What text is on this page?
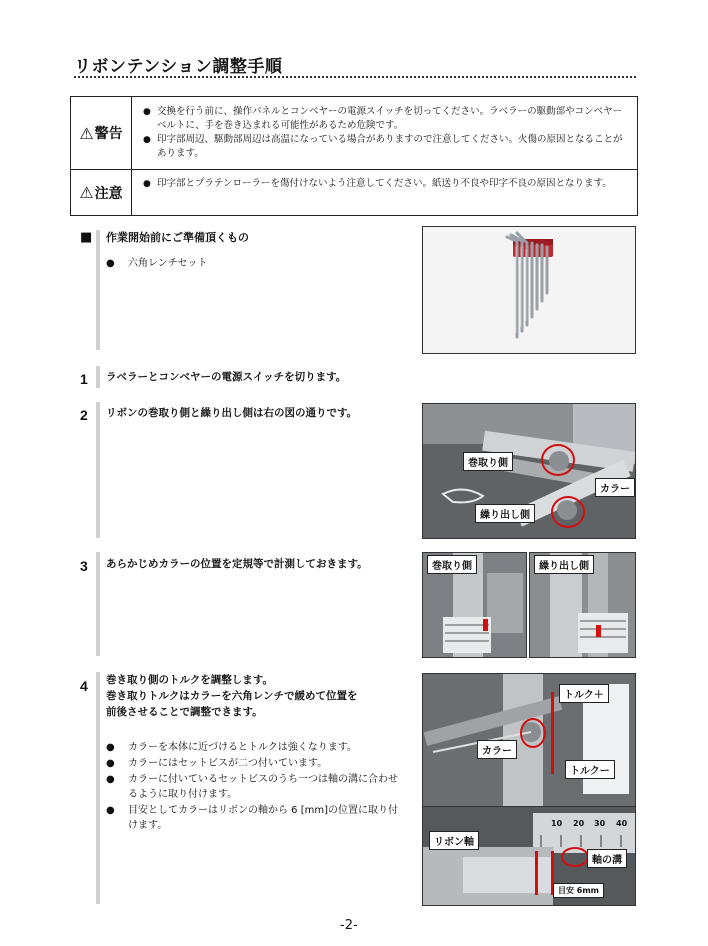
リボンテンション調整手順
⚠ 警告
● 交換を行う前に、操作パネルとコンベヤーの電源スイッチを切ってください。ラベラーの駆動部やコンベヤーベルトに、手を巻き込まれる可能性があるため危険です。
● 印字部周辺、駆動部周辺は高温になっている場合がありますので注意してください。火傷の原因となることがあります。
⚠ 注意
● 印字部とプラテンローラーを傷付けないよう注意してください。紙送り不良や印字不良の原因となります。
■ 作業開始前にご準備頂くもの
● 六角レンチセット
1 ラベラーとコンベヤーの電源スイッチを切ります。
2 リボンの巻取り側と繰り出し側は右の図の通りです。
巻取り側
カラー
繰り出し側
3 あらかじめカラーの位置を定規等で計測しておきます。	巻取り側	繰り出し側
4 巻き取り側のトルクを調整します。
巻き取りトルクはカラーを六角レンチで緩めて位置を
前後させることで調整できます。
● カラーを本体に近づけるとトルクは強くなります。
● カラーにはセットビスが二つ付いています。
● カラーに付いているセットビスのうち一つは軸の溝に合わせるように取り付けます。
● 目安としてカラーはリボンの軸から 6 [mm]の位置に取り付けます。
トルク＋
カラー
トルクー
10 20 30 40
リボン軸
軸の溝
目安 6mm
-2-
